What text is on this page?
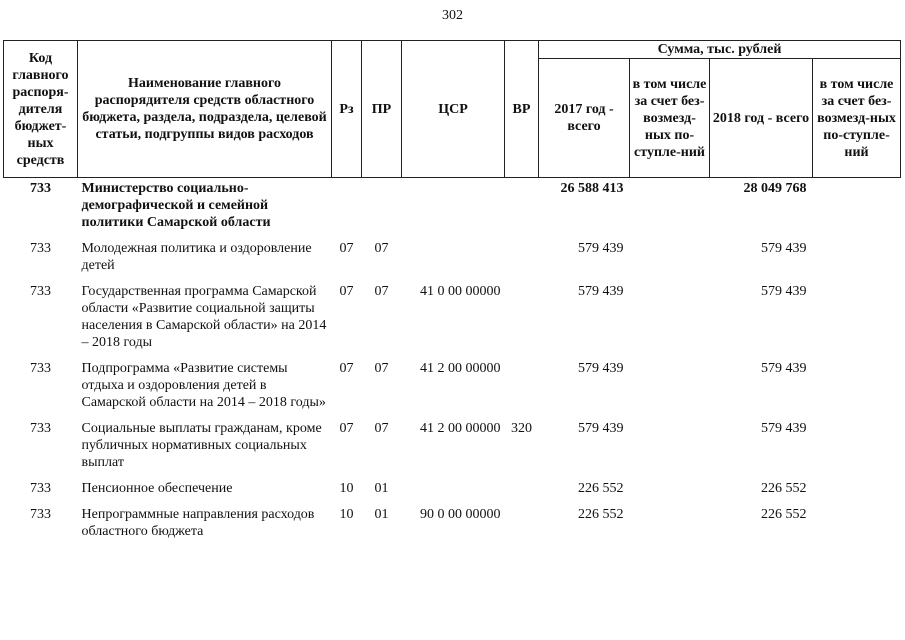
302
Код главного распоря-дителя бюджет-ных средств	Наименование главного распорядителя средств областного бюджета, раздела, подраздела, целевой статьи, подгруппы видов расходов	Рз	ПР	ЦСР	ВР	Сумма, тыс. рублей			
						2017 год - всего	в том числе за счет без-возмезд-ных по-ступле-ний	2018 год - всего	в том числе за счет без-возмезд-ных по-ступле-ний
733	Министерство социально-демографической и семейной политики Самарской области					26 588 413		28 049 768	
733	Молодежная политика и оздоровление детей	07	07			579 439		579 439	
733	Государственная программа Самарской области «Развитие социальной защиты населения в Самарской области» на 2014 – 2018 годы	07	07	41 0 00 00000		579 439		579 439	
733	Подпрограмма «Развитие системы отдыха и оздоровления детей в Самарской области на 2014 – 2018 годы»	07	07	41 2 00 00000		579 439		579 439	
733	Социальные выплаты гражданам, кроме публичных нормативных социальных выплат	07	07	41 2 00 00000	320	579 439		579 439	
733	Пенсионное обеспечение	10	01			226 552		226 552	
733	Непрограммные направления расходов областного бюджета	10	01	90 0 00 00000		226 552		226 552	
